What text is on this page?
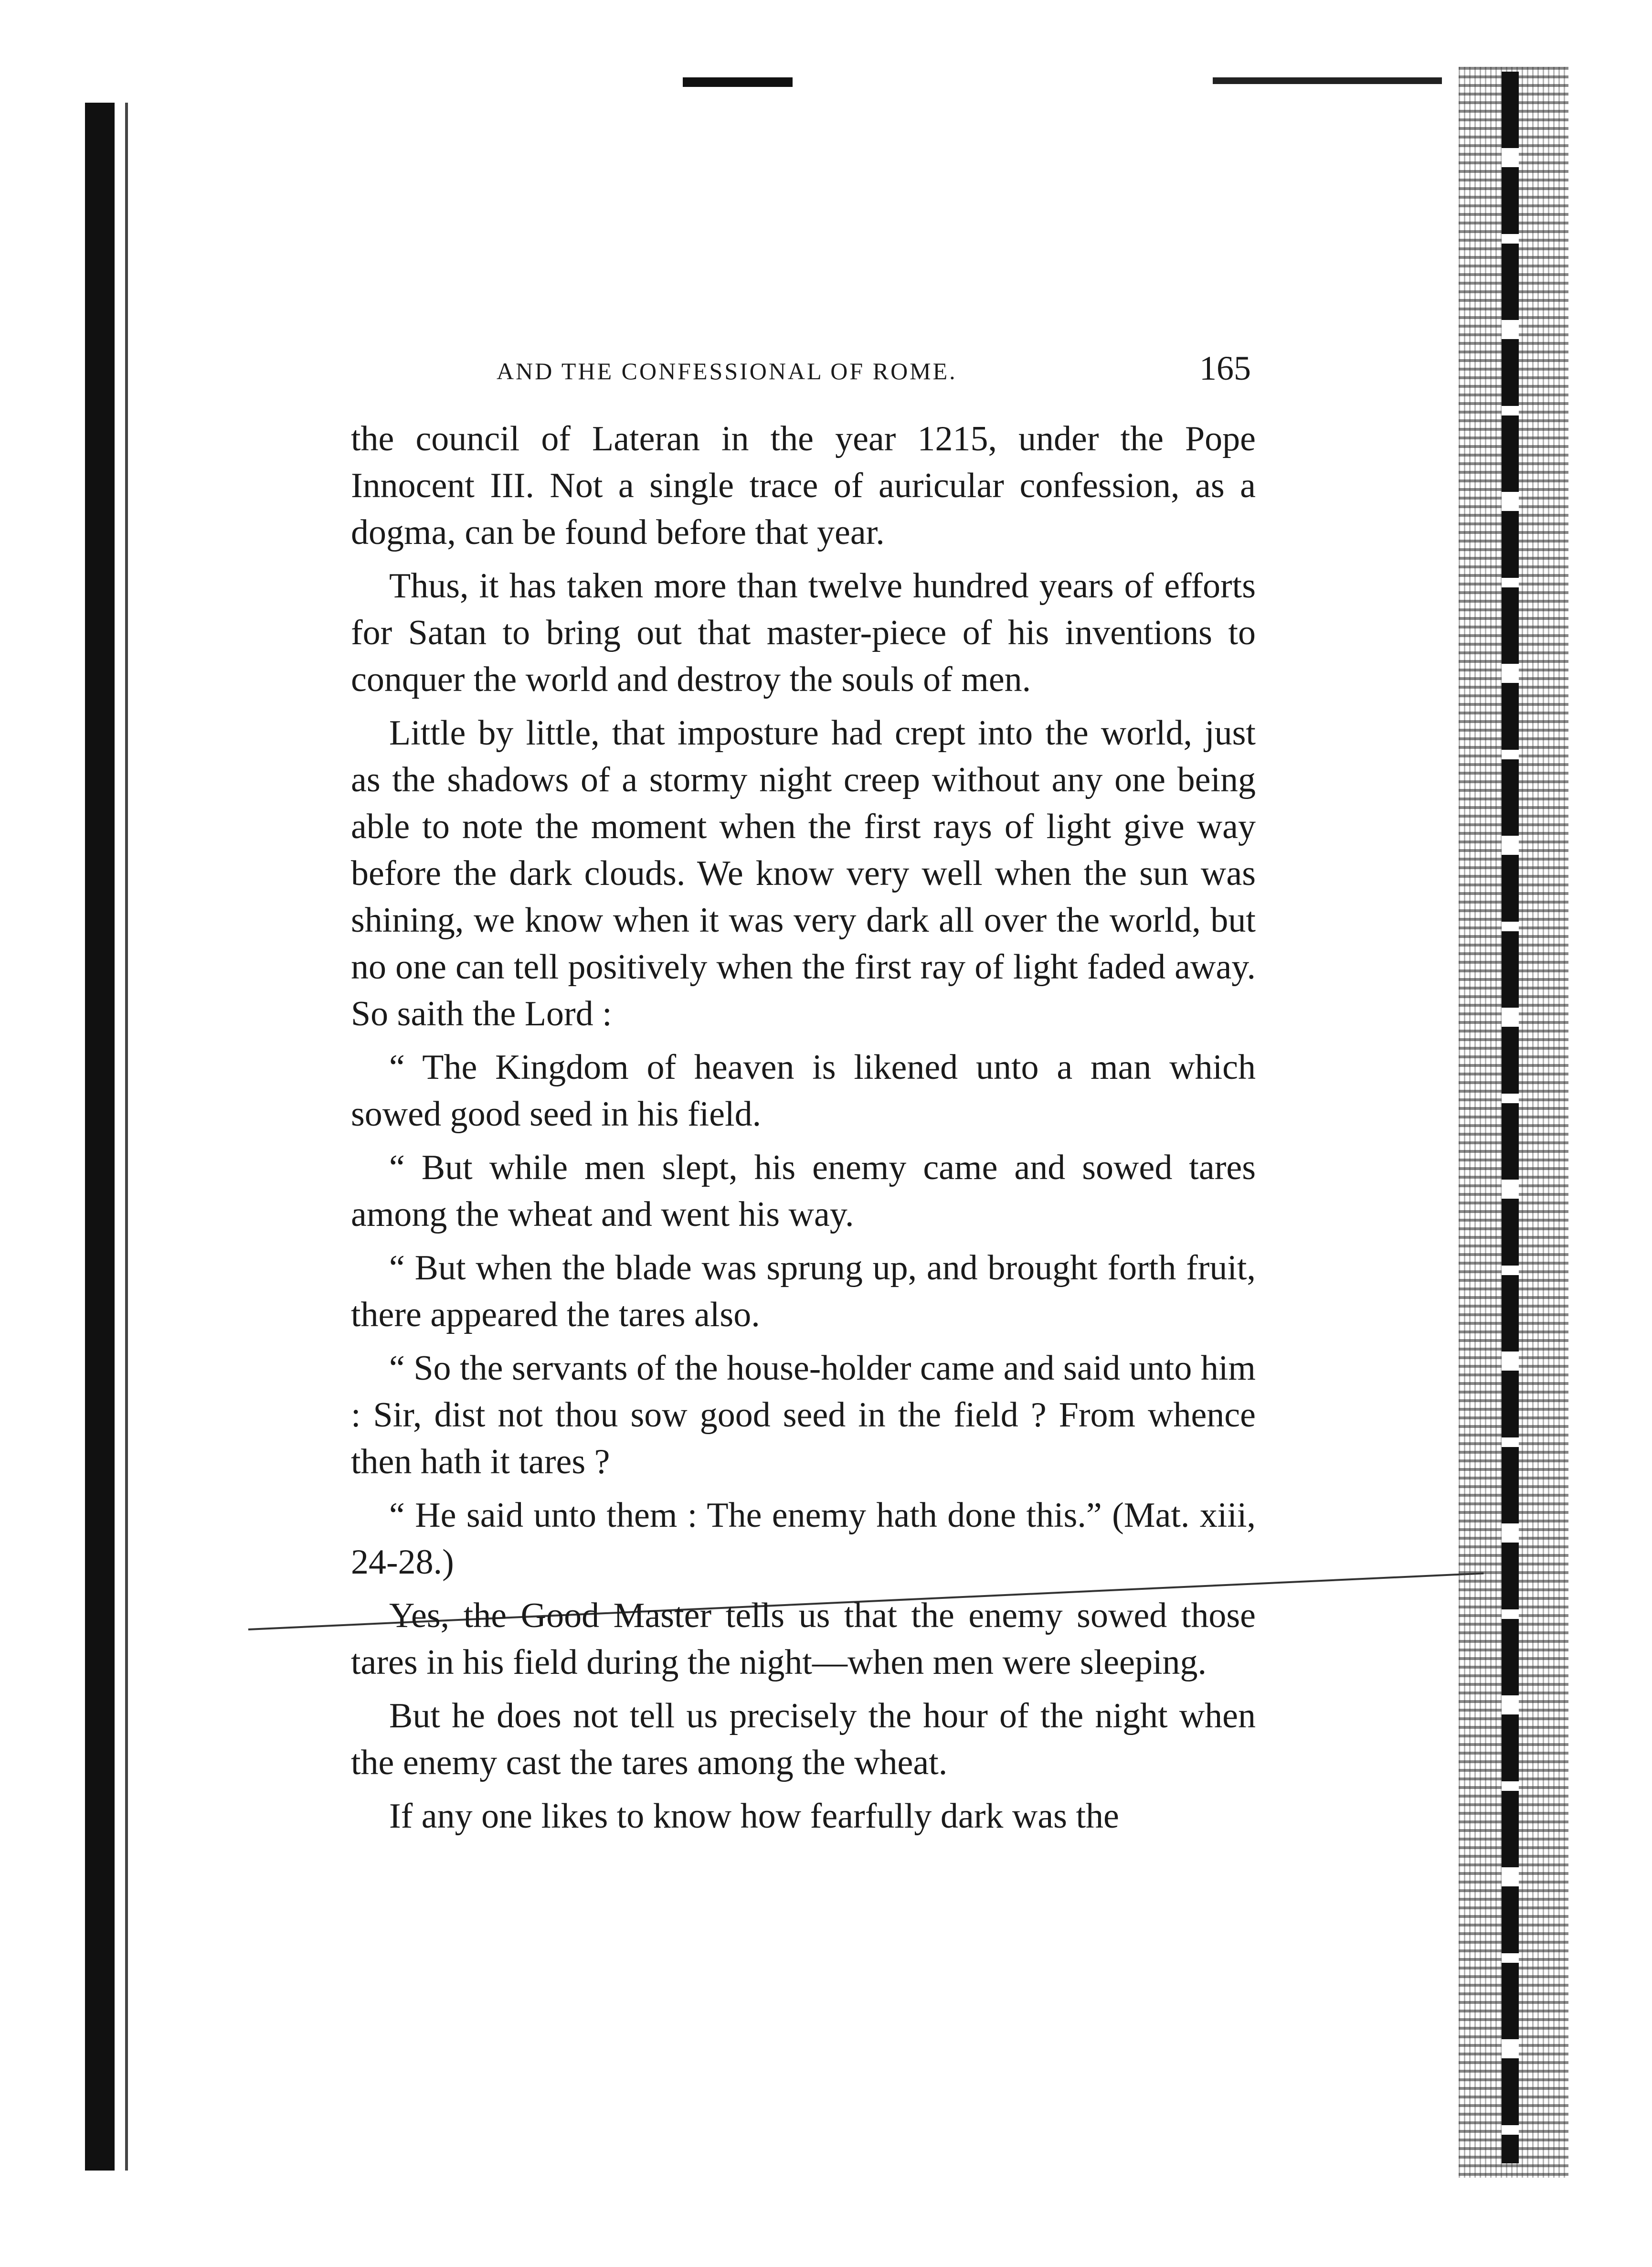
AND THE CONFESSIONAL OF ROME.	165

the council of Lateran in the year 1215, under the Pope Innocent III. Not a single trace of auricular confession, as a dogma, can be found before that year.

Thus, it has taken more than twelve hundred years of efforts for Satan to bring out that master-piece of his inventions to conquer the world and destroy the souls of men.

Little by little, that imposture had crept into the world, just as the shadows of a stormy night creep without any one being able to note the moment when the first rays of light give way before the dark clouds. We know very well when the sun was shining, we know when it was very dark all over the world, but no one can tell positively when the first ray of light faded away. So saith the Lord :

“ The Kingdom of heaven is likened unto a man which sowed good seed in his field.

“ But while men slept, his enemy came and sowed tares among the wheat and went his way.

“ But when the blade was sprung up, and brought forth fruit, there appeared the tares also.

“ So the servants of the house-holder came and said unto him : Sir, dist not thou sow good seed in the field ? From whence then hath it tares ?

“ He said unto them : The enemy hath done this.” (Mat. xiii, 24-28.)

Yes, the Good Master tells us that the enemy sowed those tares in his field during the night—when men were sleeping.

But he does not tell us precisely the hour of the night when the enemy cast the tares among the wheat.

If any one likes to know how fearfully dark was the
